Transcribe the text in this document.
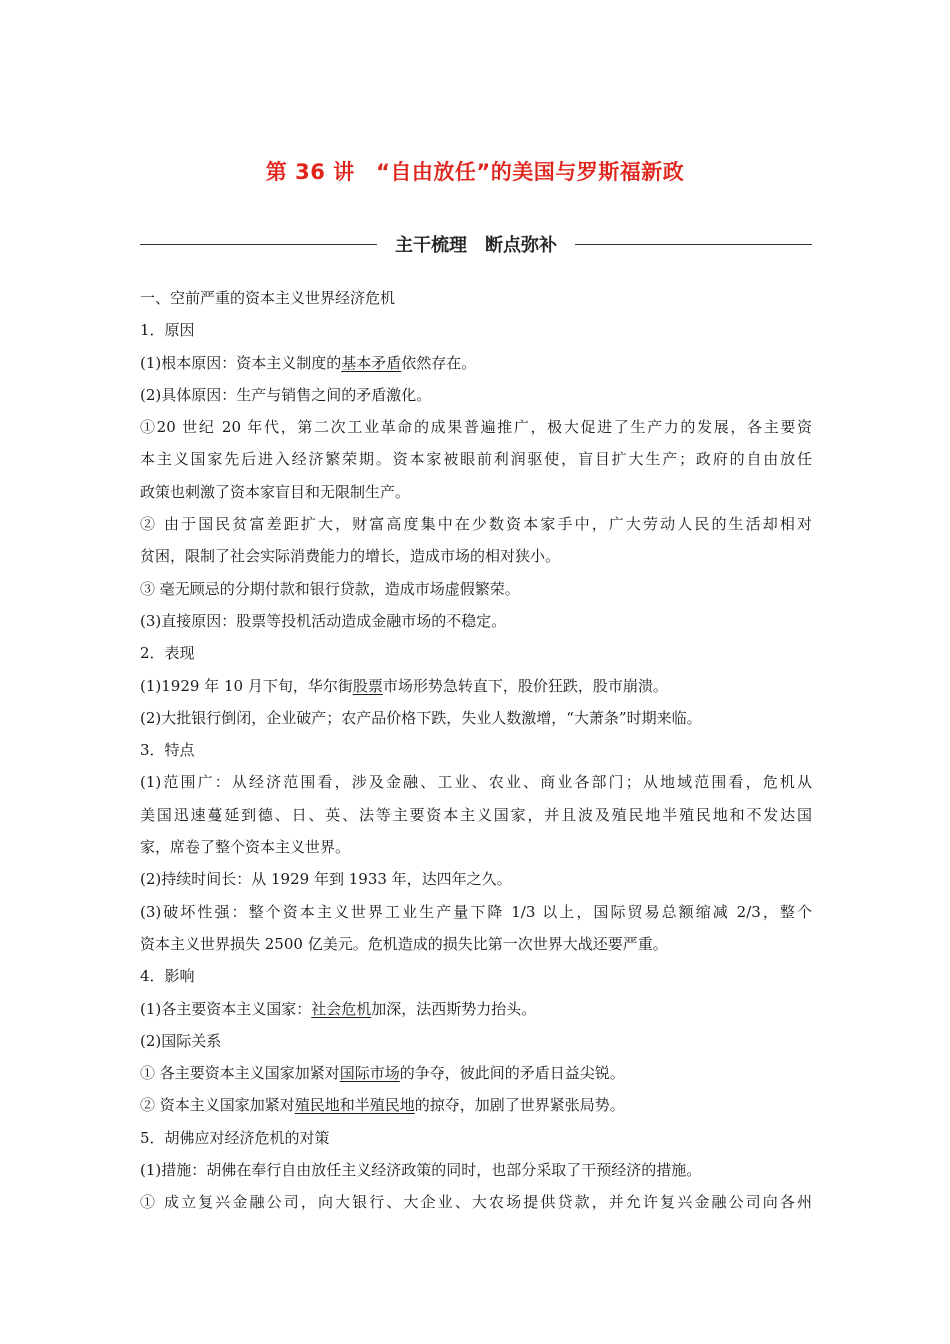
第 36 讲　“自由放任”的美国与罗斯福新政
主干梳理　断点弥补
一、空前严重的资本主义世界经济危机
1．原因
(1)根本原因：资本主义制度的基本矛盾依然存在。
(2)具体原因：生产与销售之间的矛盾激化。
①20 世纪 20 年代，第二次工业革命的成果普遍推广，极大促进了生产力的发展，各主要资
本主义国家先后进入经济繁荣期。资本家被眼前利润驱使，盲目扩大生产；政府的自由放任
政策也刺激了资本家盲目和无限制生产。
② 由于国民贫富差距扩大，财富高度集中在少数资本家手中，广大劳动人民的生活却相对
贫困，限制了社会实际消费能力的增长，造成市场的相对狭小。
③ 毫无顾忌的分期付款和银行贷款，造成市场虚假繁荣。
(3)直接原因：股票等投机活动造成金融市场的不稳定。
2．表现
(1)1929 年 10 月下旬，华尔街股票市场形势急转直下，股价狂跌，股市崩溃。
(2)大批银行倒闭，企业破产；农产品价格下跌，失业人数激增，“大萧条”时期来临。
3．特点
(1)范围广：从经济范围看，涉及金融、工业、农业、商业各部门；从地域范围看，危机从
美国迅速蔓延到德、日、英、法等主要资本主义国家，并且波及殖民地半殖民地和不发达国
家，席卷了整个资本主义世界。
(2)持续时间长：从 1929 年到 1933 年，达四年之久。
(3)破坏性强：整个资本主义世界工业生产量下降 1/3 以上，国际贸易总额缩减 2/3，整个
资本主义世界损失 2500 亿美元。危机造成的损失比第一次世界大战还要严重。
4．影响
(1)各主要资本主义国家：社会危机加深，法西斯势力抬头。
(2)国际关系
① 各主要资本主义国家加紧对国际市场的争夺，彼此间的矛盾日益尖锐。
② 资本主义国家加紧对殖民地和半殖民地的掠夺，加剧了世界紧张局势。
5．胡佛应对经济危机的对策
(1)措施：胡佛在奉行自由放任主义经济政策的同时，也部分采取了干预经济的措施。
① 成立复兴金融公司，向大银行、大企业、大农场提供贷款，并允许复兴金融公司向各州
